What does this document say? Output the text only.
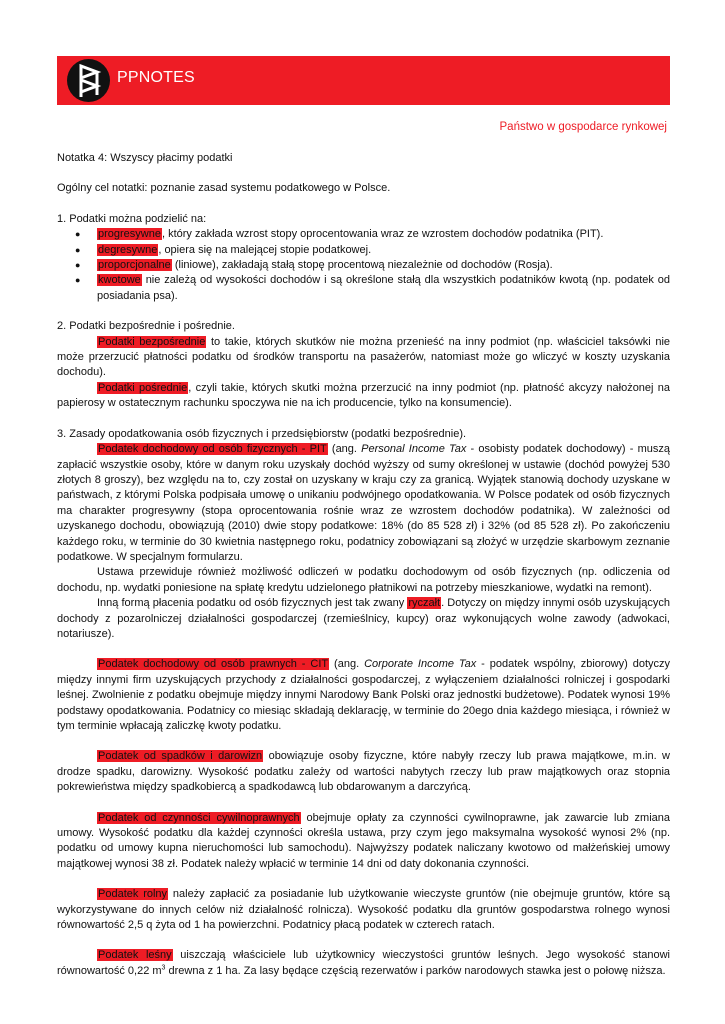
PPNOTES
Państwo w gospodarce rynkowej

Notatka 4: Wszyscy płacimy podatki

Ogólny cel notatki: poznanie zasad systemu podatkowego w Polsce.

1. Podatki można podzielić na:

● progresywne, który zakłada wzrost stopy oprocentowania wraz ze wzrostem dochodów podatnika (PIT).
● degresywne, opiera się na malejącej stopie podatkowej.
● proporcjonalne (liniowe), zakładają stałą stopę procentową niezależnie od dochodów (Rosja).
● kwotowe nie zależą od wysokości dochodów i są określone stałą dla wszystkich podatników kwotą (np. podatek od posiadania psa).

2. Podatki bezpośrednie i pośrednie.

Podatki bezpośrednie to takie, których skutków nie można przenieść na inny podmiot (np. właściciel taksówki nie może przerzucić płatności podatku od środków transportu na pasażerów, natomiast może go wliczyć w koszty uzyskania dochodu).

Podatki pośrednie, czyli takie, których skutki można przerzucić na inny podmiot (np. płatność akcyzy nałożonej na papierosy w ostatecznym rachunku spoczywa nie na ich producencie, tylko na konsumencie).

3. Zasady opodatkowania osób fizycznych i przedsiębiorstw (podatki bezpośrednie).

Podatek dochodowy od osób fizycznych - PIT (ang. Personal Income Tax - osobisty podatek dochodowy) - muszą zapłacić wszystkie osoby, które w danym roku uzyskały dochód wyższy od sumy określonej w ustawie (dochód powyżej 530 złotych 8 groszy), bez względu na to, czy został on uzyskany w kraju czy za granicą. Wyjątek stanowią dochody uzyskane w państwach, z którymi Polska podpisała umowę o unikaniu podwójnego opodatkowania. W Polsce podatek od osób fizycznych ma charakter progresywny (stopa oprocentowania rośnie wraz ze wzrostem dochodów podatnika). W zależności od uzyskanego dochodu, obowiązują (2010) dwie stopy podatkowe: 18% (do 85 528 zł) i 32% (od 85 528 zł). Po zakończeniu każdego roku, w terminie do 30 kwietnia następnego roku, podatnicy zobowiązani są złożyć w urzędzie skarbowym zeznanie podatkowe. W specjalnym formularzu.

Ustawa przewiduje również możliwość odliczeń w podatku dochodowym od osób fizycznych (np. odliczenia od dochodu, np. wydatki poniesione na spłatę kredytu udzielonego płatnikowi na potrzeby mieszkaniowe, wydatki na remont).

Inną formą płacenia podatku od osób fizycznych jest tak zwany ryczałt. Dotyczy on między innymi osób uzyskujących dochody z pozarolniczej działalności gospodarczej (rzemieślnicy, kupcy) oraz wykonujących wolne zawody (adwokaci, notariusze).

Podatek dochodowy od osób prawnych - CIT (ang. Corporate Income Tax - podatek wspólny, zbiorowy) dotyczy między innymi firm uzyskujących przychody z działalności gospodarczej, z wyłączeniem działalności rolniczej i gospodarki leśnej. Zwolnienie z podatku obejmuje między innymi Narodowy Bank Polski oraz jednostki budżetowe). Podatek wynosi 19% podstawy opodatkowania. Podatnicy co miesiąc składają deklarację, w terminie do 20ego dnia każdego miesiąca, i również w tym terminie wpłacają zaliczkę kwoty podatku.

Podatek od spadków i darowizn obowiązuje osoby fizyczne, które nabyły rzeczy lub prawa majątkowe, m.in. w drodze spadku, darowizny. Wysokość podatku zależy od wartości nabytych rzeczy lub praw majątkowych oraz stopnia pokrewieństwa między spadkobiercą a spadkodawcą lub obdarowanym a darczyńcą.

Podatek od czynności cywilnoprawnych obejmuje opłaty za czynności cywilnoprawne, jak zawarcie lub zmiana umowy. Wysokość podatku dla każdej czynności określa ustawa, przy czym jego maksymalna wysokość wynosi 2% (np. podatku od umowy kupna nieruchomości lub samochodu). Najwyższy podatek naliczany kwotowo od małżeńskiej umowy majątkowej wynosi 38 zł. Podatek należy wpłacić w terminie 14 dni od daty dokonania czynności.

Podatek rolny należy zapłacić za posiadanie lub użytkowanie wieczyste gruntów (nie obejmuje gruntów, które są wykorzystywane do innych celów niż działalność rolnicza). Wysokość podatku dla gruntów gospodarstwa rolnego wynosi równowartość 2,5 q żyta od 1 ha powierzchni. Podatnicy płacą podatek w czterech ratach.

Podatek leśny uiszczają właściciele lub użytkownicy wieczystości gruntów leśnych. Jego wysokość stanowi równowartość 0,22 $m^3$ drewna z 1 ha. Za lasy będące częścią rezerwatów i parków narodowych stawka jest o połowę niższa.
